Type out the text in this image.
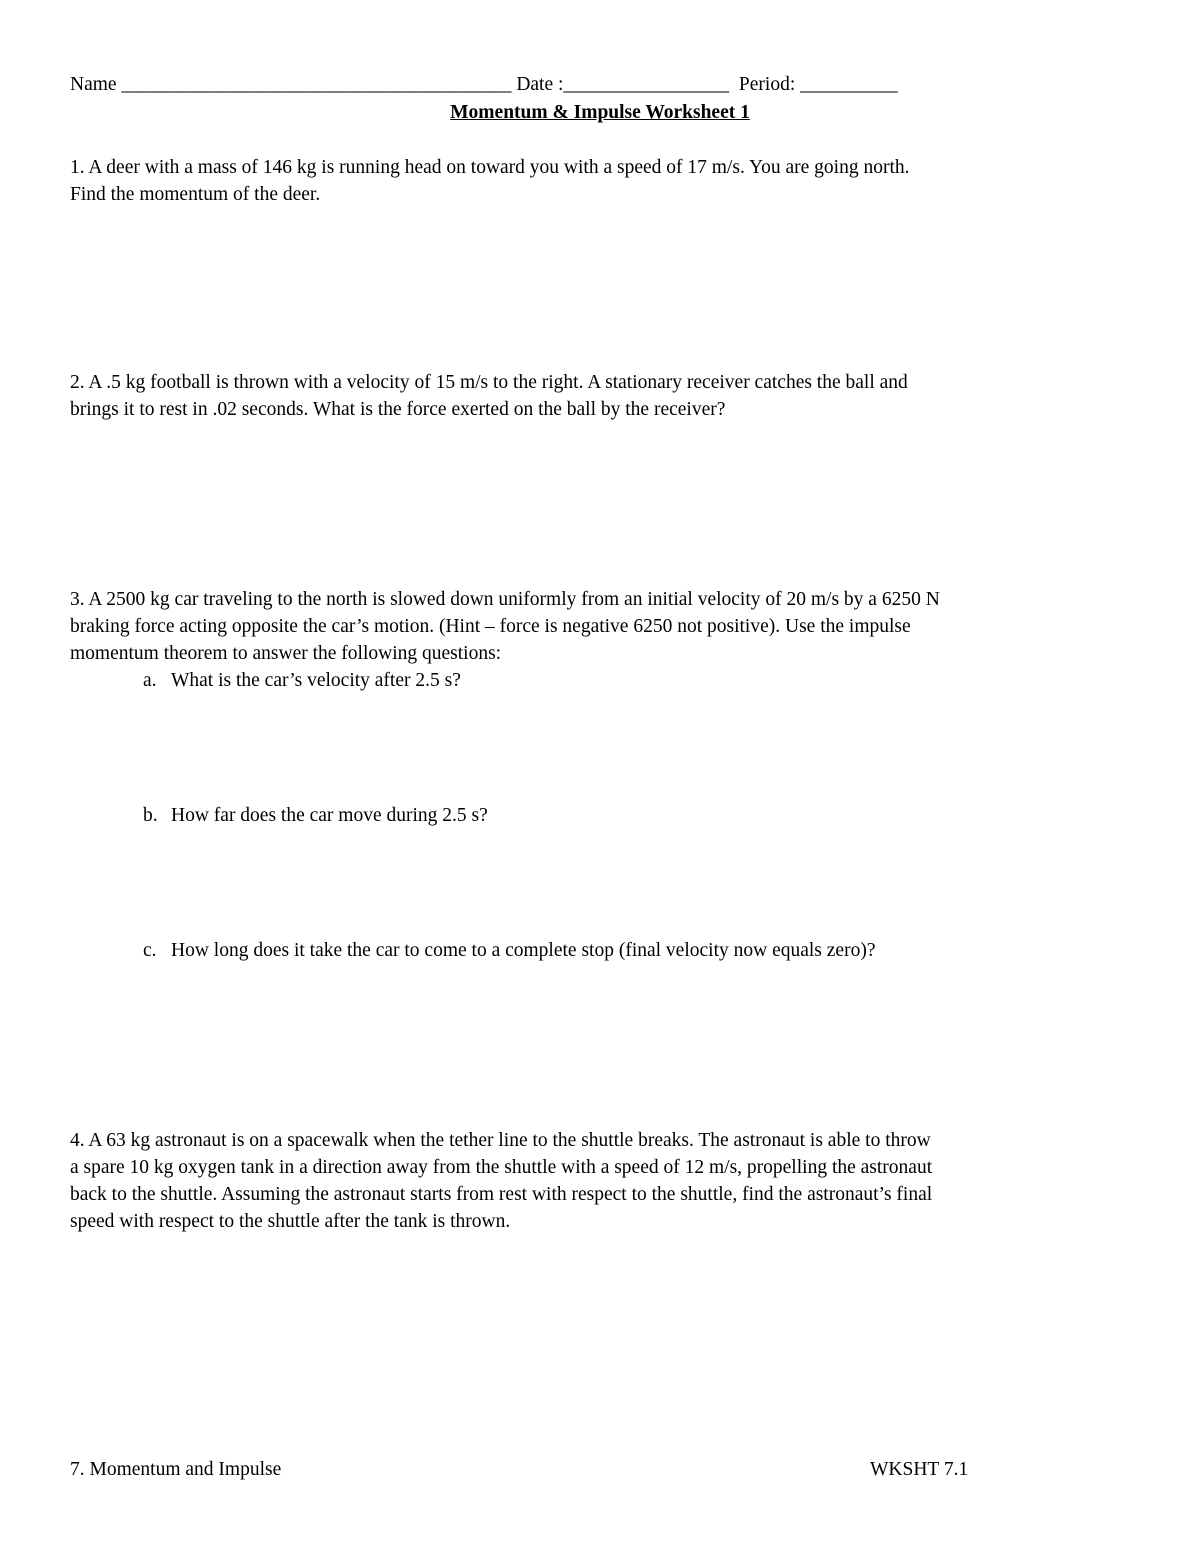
Name ________________________________________ Date :_________________ Period: __________
Momentum & Impulse Worksheet 1
1. A deer with a mass of 146 kg is running head on toward you with a speed of 17 m/s. You are going north.
Find the momentum of the deer.
2. A .5 kg football is thrown with a velocity of 15 m/s to the right. A stationary receiver catches the ball and
brings it to rest in .02 seconds. What is the force exerted on the ball by the receiver?
3. A 2500 kg car traveling to the north is slowed down uniformly from an initial velocity of 20 m/s by a 6250 N
braking force acting opposite the car’s motion. (Hint – force is negative 6250 not positive). Use the impulse
momentum theorem to answer the following questions:
a. What is the car’s velocity after 2.5 s?
b. How far does the car move during 2.5 s?
c. How long does it take the car to come to a complete stop (final velocity now equals zero)?
4. A 63 kg astronaut is on a spacewalk when the tether line to the shuttle breaks. The astronaut is able to throw
a spare 10 kg oxygen tank in a direction away from the shuttle with a speed of 12 m/s, propelling the astronaut
back to the shuttle. Assuming the astronaut starts from rest with respect to the shuttle, find the astronaut’s final
speed with respect to the shuttle after the tank is thrown.
7. Momentum and Impulse	WKSHT 7.1
